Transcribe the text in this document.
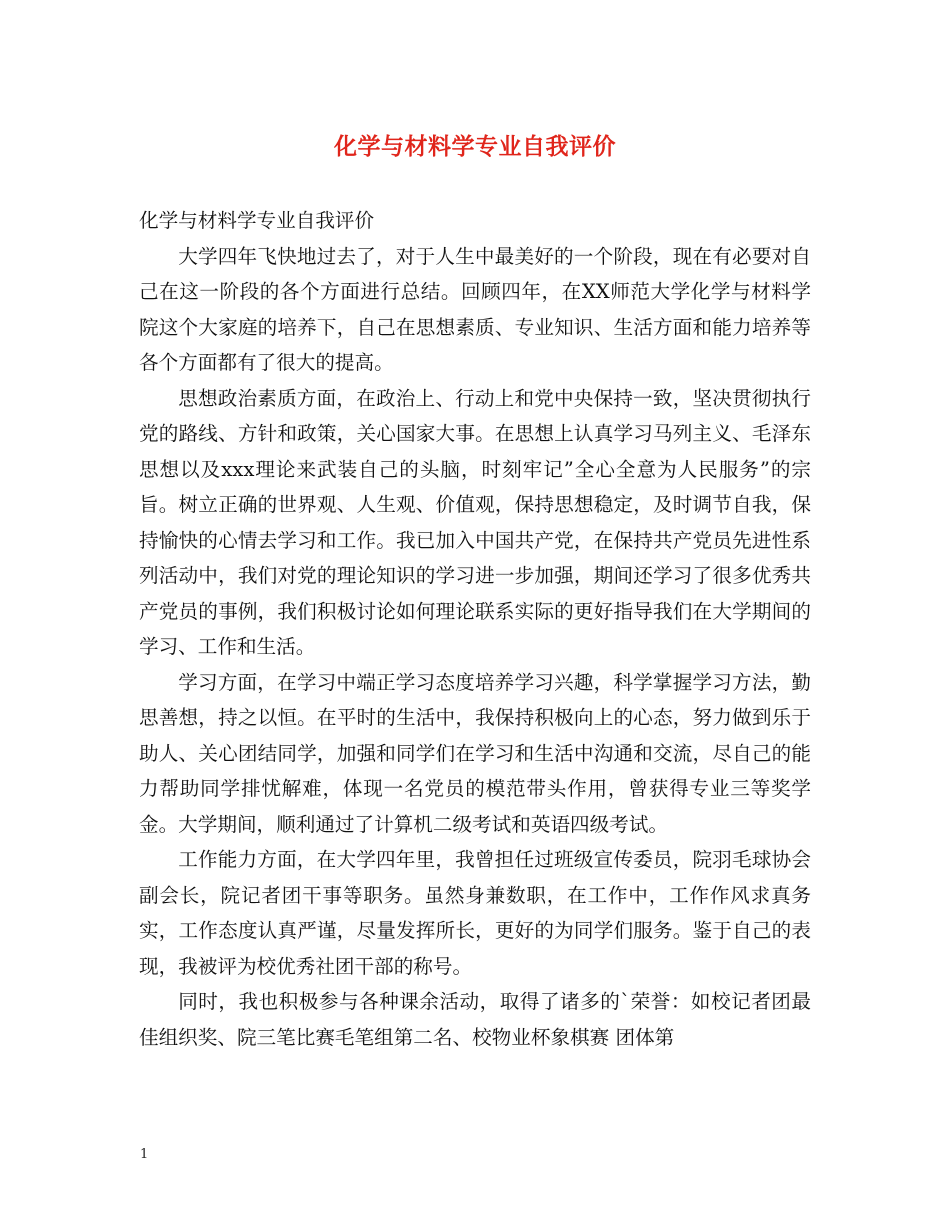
化学与材料学专业自我评价

化学与材料学专业自我评价

大学四年飞快地过去了，对于人生中最美好的一个阶段，现在有必要对自己在这一阶段的各个方面进行总结。回顾四年，在XX师范大学化学与材料学院这个大家庭的培养下，自己在思想素质、专业知识、生活方面和能力培养等各个方面都有了很大的提高。

思想政治素质方面，在政治上、行动上和党中央保持一致，坚决贯彻执行党的路线、方针和政策，关心国家大事。在思想上认真学习马列主义、毛泽东思想以及xxx理论来武装自己的头脑，时刻牢记”全心全意为人民服务”的宗旨。树立正确的世界观、人生观、价值观，保持思想稳定，及时调节自我，保持愉快的心情去学习和工作。我已加入中国共产党，在保持共产党员先进性系列活动中，我们对党的理论知识的学习进一步加强，期间还学习了很多优秀共产党员的事例，我们积极讨论如何理论联系实际的更好指导我们在大学期间的学习、工作和生活。

学习方面，在学习中端正学习态度培养学习兴趣，科学掌握学习方法，勤思善想，持之以恒。在平时的生活中，我保持积极向上的心态，努力做到乐于助人、关心团结同学，加强和同学们在学习和生活中沟通和交流，尽自己的能力帮助同学排忧解难，体现一名党员的模范带头作用，曾获得专业三等奖学金。大学期间，顺利通过了计算机二级考试和英语四级考试。

工作能力方面，在大学四年里，我曾担任过班级宣传委员，院羽毛球协会副会长，院记者团干事等职务。虽然身兼数职，在工作中，工作作风求真务实，工作态度认真严谨，尽量发挥所长，更好的为同学们服务。鉴于自己的表现，我被评为校优秀社团干部的称号。

同时，我也积极参与各种课余活动，取得了诸多的`荣誉：如校记者团最佳组织奖、院三笔比赛毛笔组第二名、校物业杯象棋赛 团体第

1
